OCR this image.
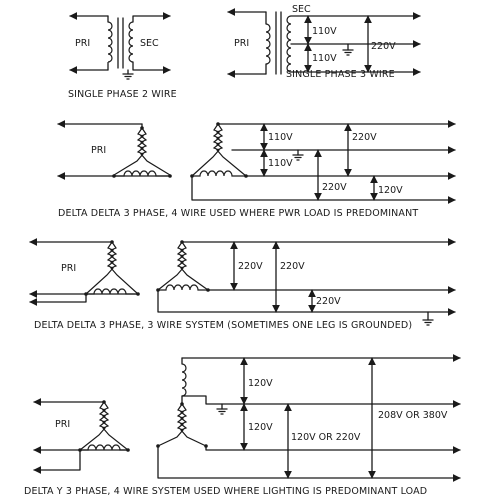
PRI	SEC
SINGLE PHASE 2 WIRE
PRI
SEC
110V
110V
220V
SINGLE PHASE 3 WIRE
PRI
110V
110V
220V
220V	120V
DELTA DELTA 3 PHASE, 4 WIRE USED WHERE PWR LOAD IS PREDOMINANT
PRI	220V 220V
220V
DELTA DELTA 3 PHASE, 3 WIRE SYSTEM (SOMETIMES ONE LEG IS GROUNDED)
PRI
120V
120V
120V OR 220V
208V OR 380V
DELTA Y 3 PHASE, 4 WIRE SYSTEM USED WHERE LIGHTING IS PREDOMINANT LOAD
